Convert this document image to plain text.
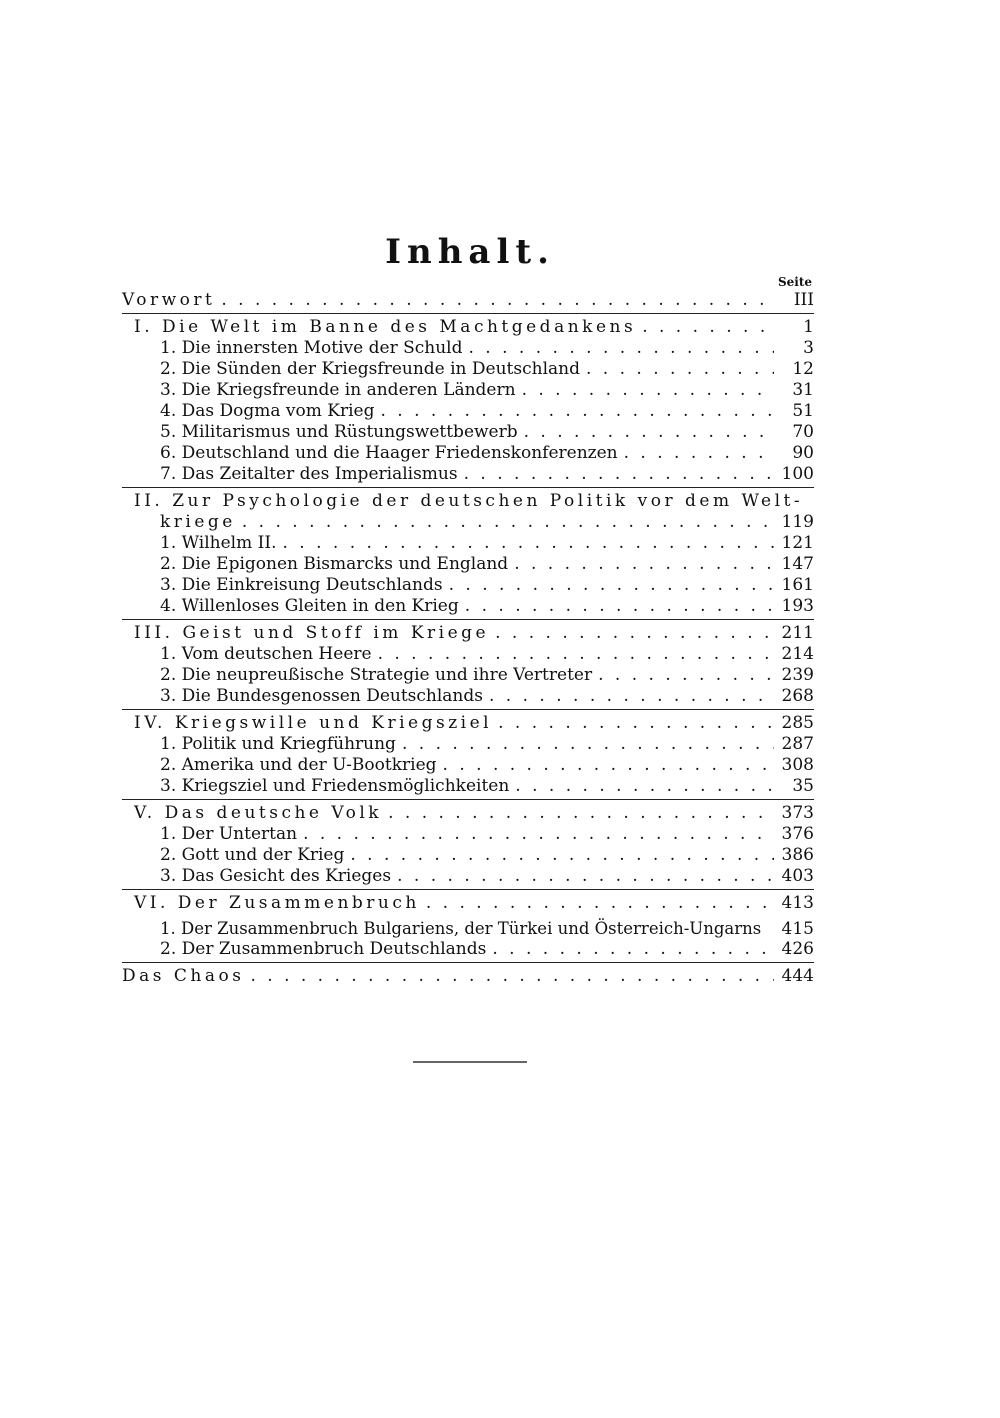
Inhalt.
Seite
Vorwort . . .	III
I. Die Welt im Banne des Machtgedankens . . .	1
1. Die innersten Motive der Schuld . . .	3
2. Die Sünden der Kriegsfreunde in Deutschland . . .	12
3. Die Kriegsfreunde in anderen Ländern . . .	31
4. Das Dogma vom Krieg . . .	51
5. Militarismus und Rüstungswettbewerb . . .	70
6. Deutschland und die Haager Friedenskonferenzen . . .	90
7. Das Zeitalter des Imperialismus . . .	100
II. Zur Psychologie der deutschen Politik vor dem Welt-
kriege . . .	119
1. Wilhelm II. . . .	121
2. Die Epigonen Bismarcks und England . . .	147
3. Die Einkreisung Deutschlands . . .	161
4. Willenloses Gleiten in den Krieg . . .	193
III. Geist und Stoff im Kriege . . .	211
1. Vom deutschen Heere . . .	214
2. Die neupreußische Strategie und ihre Vertreter . . .	239
3. Die Bundesgenossen Deutschlands . . .	268
IV. Kriegswille und Kriegsziel . . .	285
1. Politik und Kriegführung . . .	287
2. Amerika und der U-Bootkrieg . . .	308
3. Kriegsziel und Friedensmöglichkeiten . . .	35
V. Das deutsche Volk . . .	373
1. Der Untertan . . .	376
2. Gott und der Krieg . . .	386
3. Das Gesicht des Krieges . . .	403
VI. Der Zusammenbruch . . .	413
1. Der Zusammenbruch Bulgariens, der Türkei und Österreich-Ungarns 415
2. Der Zusammenbruch Deutschlands . . .	426
Das Chaos . . .	444
